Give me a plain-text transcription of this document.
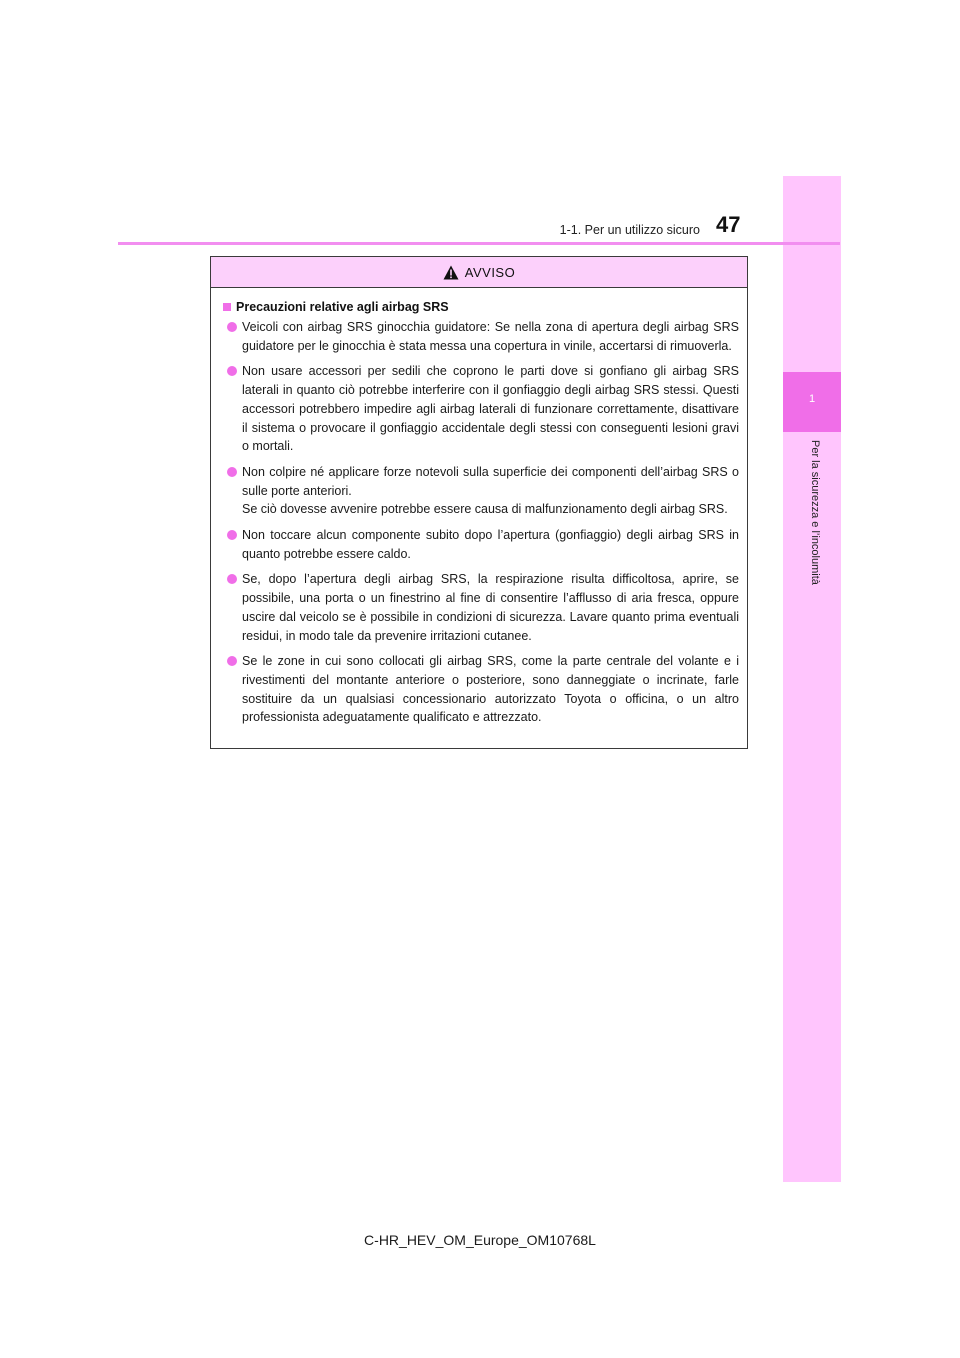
1
Per la sicurezza e l’incolumità
1-1. Per un utilizzo sicuro 47
AVVISO
Precauzioni relative agli airbag SRS
Veicoli con airbag SRS ginocchia guidatore: Se nella zona di apertura degli airbag SRS guidatore per le ginocchia è stata messa una copertura in vinile, accertarsi di rimuoverla.
Non usare accessori per sedili che coprono le parti dove si gonfiano gli airbag SRS laterali in quanto ciò potrebbe interferire con il gonfiaggio degli airbag SRS stessi. Questi accessori potrebbero impedire agli airbag laterali di funzionare correttamente, disattivare il sistema o provocare il gonfiaggio accidentale degli stessi con conseguenti lesioni gravi o mortali.
Non colpire né applicare forze notevoli sulla superficie dei componenti dell’airbag SRS o sulle porte anteriori.
Se ciò dovesse avvenire potrebbe essere causa di malfunzionamento degli airbag SRS.
Non toccare alcun componente subito dopo l’apertura (gonfiaggio) degli airbag SRS in quanto potrebbe essere caldo.
Se, dopo l’apertura degli airbag SRS, la respirazione risulta difficoltosa, aprire, se possibile, una porta o un finestrino al fine di consentire l’afflusso di aria fresca, oppure uscire dal veicolo se è possibile in condizioni di sicurezza. Lavare quanto prima eventuali residui, in modo tale da prevenire irritazioni cutanee.
Se le zone in cui sono collocati gli airbag SRS, come la parte centrale del volante e i rivestimenti del montante anteriore o posteriore, sono danneggiate o incrinate, farle sostituire da un qualsiasi concessionario autorizzato Toyota o officina, o un altro professionista adeguatamente qualificato e attrezzato.
C-HR_HEV_OM_Europe_OM10768L
